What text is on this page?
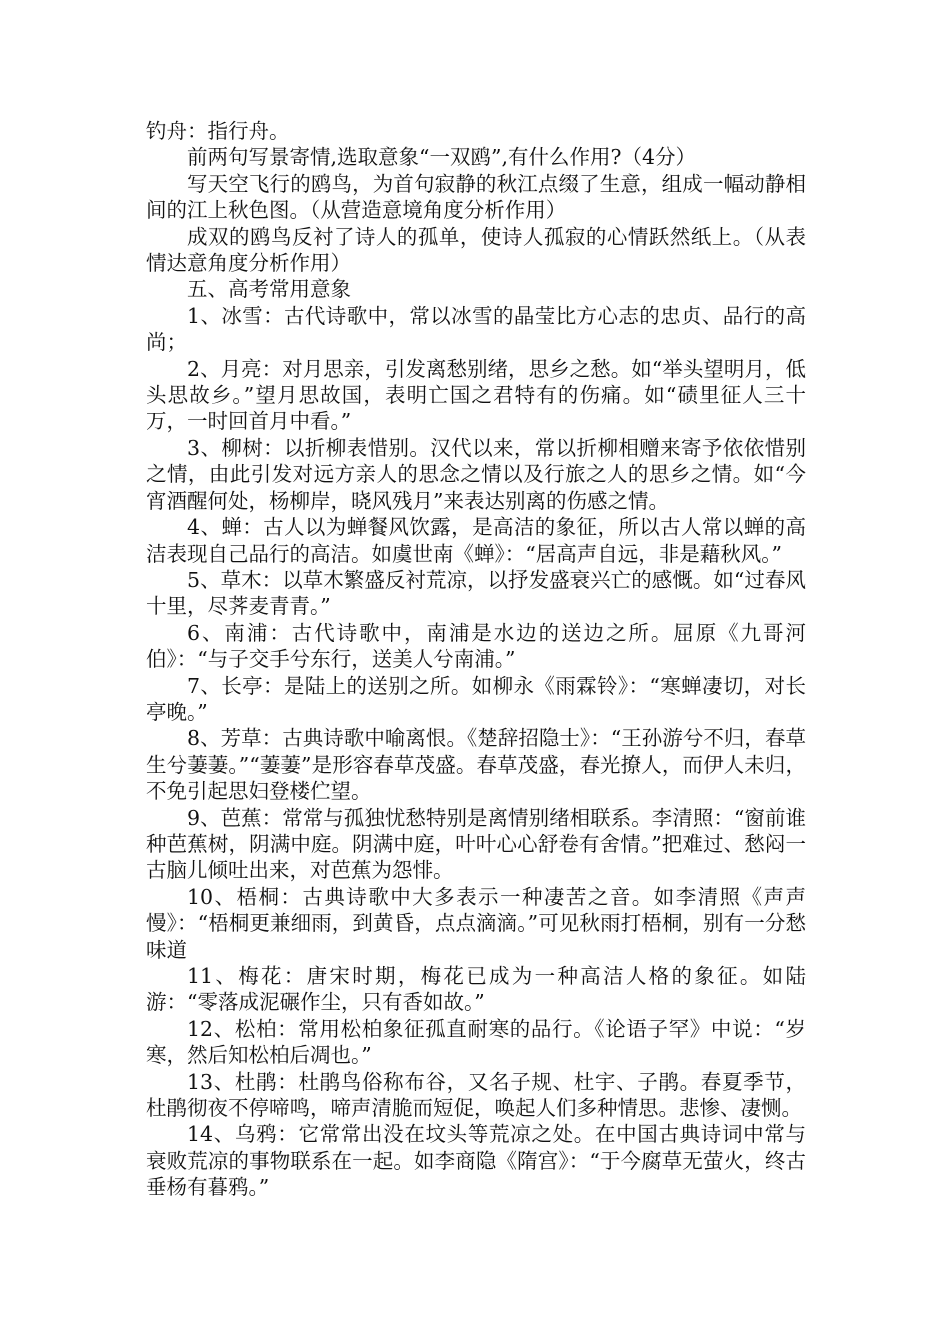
钓舟：指行舟。

前两句写景寄情,选取意象“一双鸥”,有什么作用?（4分）

写天空飞行的鸥鸟，为首句寂静的秋江点缀了生意，组成一幅动静相间的江上秋色图。（从营造意境角度分析作用）

成双的鸥鸟反衬了诗人的孤单，使诗人孤寂的心情跃然纸上。（从表情达意角度分析作用）

五、高考常用意象

1、冰雪：古代诗歌中，常以冰雪的晶莹比方心志的忠贞、品行的高尚；

2、月亮：对月思亲，引发离愁别绪，思乡之愁。如“举头望明月，低头思故乡。”望月思故国，表明亡国之君特有的伤痛。如“碛里征人三十万，一时回首月中看。”

3、柳树：以折柳表惜别。汉代以来，常以折柳相赠来寄予依依惜别之情，由此引发对远方亲人的思念之情以及行旅之人的思乡之情。如“今宵酒醒何处，杨柳岸，晓风残月”来表达别离的伤感之情。

4、蝉：古人以为蝉餐风饮露，是高洁的象征，所以古人常以蝉的高洁表现自己品行的高洁。如虞世南《蝉》：“居高声自远，非是藉秋风。”

5、草木：以草木繁盛反衬荒凉，以抒发盛衰兴亡的感慨。如“过春风十里，尽荠麦青青。”

6、南浦：古代诗歌中，南浦是水边的送边之所。屈原《九哥河伯》：“与子交手兮东行，送美人兮南浦。”

7、长亭：是陆上的送别之所。如柳永《雨霖铃》：“寒蝉凄切，对长亭晚。”

8、芳草：古典诗歌中喻离恨。《楚辞招隐士》：“王孙游兮不归，春草生兮萋萋。”“萋萋”是形容春草茂盛。春草茂盛，春光撩人，而伊人未归，不免引起思妇登楼伫望。

9、芭蕉：常常与孤独忧愁特别是离情别绪相联系。李清照：“窗前谁种芭蕉树，阴满中庭。阴满中庭，叶叶心心舒卷有舍情。”把难过、愁闷一古脑儿倾吐出来，对芭蕉为怨悱。

10、梧桐：古典诗歌中大多表示一种凄苦之音。如李清照《声声慢》：“梧桐更兼细雨，到黄昏，点点滴滴。”可见秋雨打梧桐，别有一分愁味道

11、梅花：唐宋时期，梅花已成为一种高洁人格的象征。如陆游：“零落成泥碾作尘，只有香如故。”

12、松柏：常用松柏象征孤直耐寒的品行。《论语子罕》中说：“岁寒，然后知松柏后凋也。”

13、杜鹃：杜鹃鸟俗称布谷，又名子规、杜宇、子鹃。春夏季节，杜鹃彻夜不停啼鸣，啼声清脆而短促，唤起人们多种情思。悲惨、凄恻。

14、乌鸦：它常常出没在坟头等荒凉之处。在中国古典诗词中常与衰败荒凉的事物联系在一起。如李商隐《隋宫》：“于今腐草无萤火，终古垂杨有暮鸦。”
